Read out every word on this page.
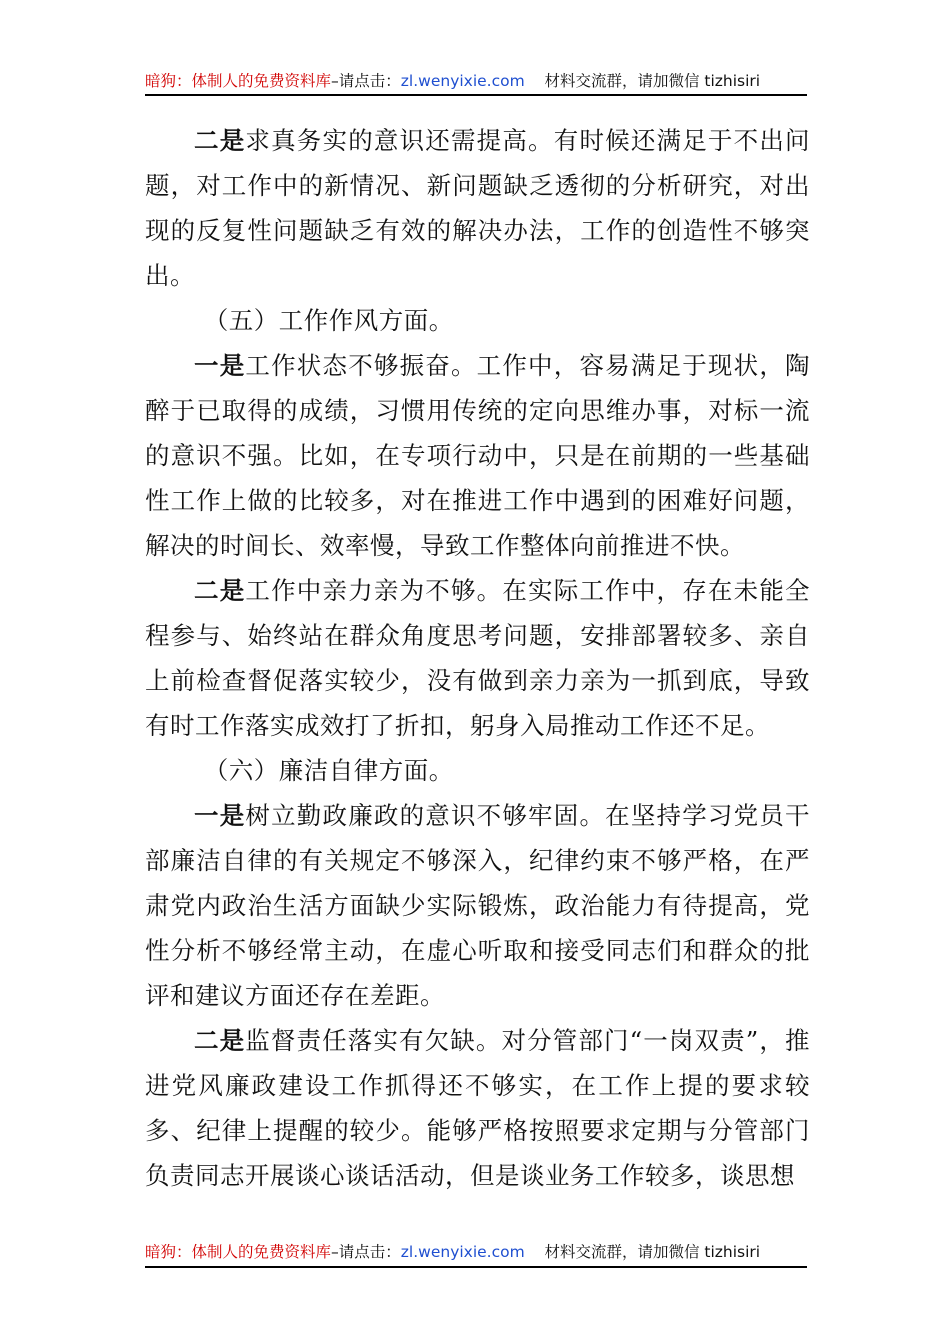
暗狗：体制人的免费资料库–请点击：zl.wenyixie.com 材料交流群，请加微信 tizhisiri

二是求真务实的意识还需提高。有时候还满足于不出问题，对工作中的新情况、新问题缺乏透彻的分析研究，对出现的反复性问题缺乏有效的解决办法，工作的创造性不够突出。

（五）工作作风方面。

一是工作状态不够振奋。工作中，容易满足于现状，陶醉于已取得的成绩，习惯用传统的定向思维办事，对标一流的意识不强。比如，在专项行动中，只是在前期的一些基础性工作上做的比较多，对在推进工作中遇到的困难好问题，解决的时间长、效率慢，导致工作整体向前推进不快。

二是工作中亲力亲为不够。在实际工作中，存在未能全程参与、始终站在群众角度思考问题，安排部署较多、亲自上前检查督促落实较少，没有做到亲力亲为一抓到底，导致有时工作落实成效打了折扣，躬身入局推动工作还不足。

（六）廉洁自律方面。

一是树立勤政廉政的意识不够牢固。在坚持学习党员干部廉洁自律的有关规定不够深入，纪律约束不够严格，在严肃党内政治生活方面缺少实际锻炼，政治能力有待提高，党性分析不够经常主动，在虚心听取和接受同志们和群众的批评和建议方面还存在差距。

二是监督责任落实有欠缺。对分管部门“一岗双责”，推进党风廉政建设工作抓得还不够实，在工作上提的要求较多、纪律上提醒的较少。能够严格按照要求定期与分管部门负责同志开展谈心谈话活动，但是谈业务工作较多，谈思想

暗狗：体制人的免费资料库–请点击：zl.wenyixie.com 材料交流群，请加微信 tizhisiri
